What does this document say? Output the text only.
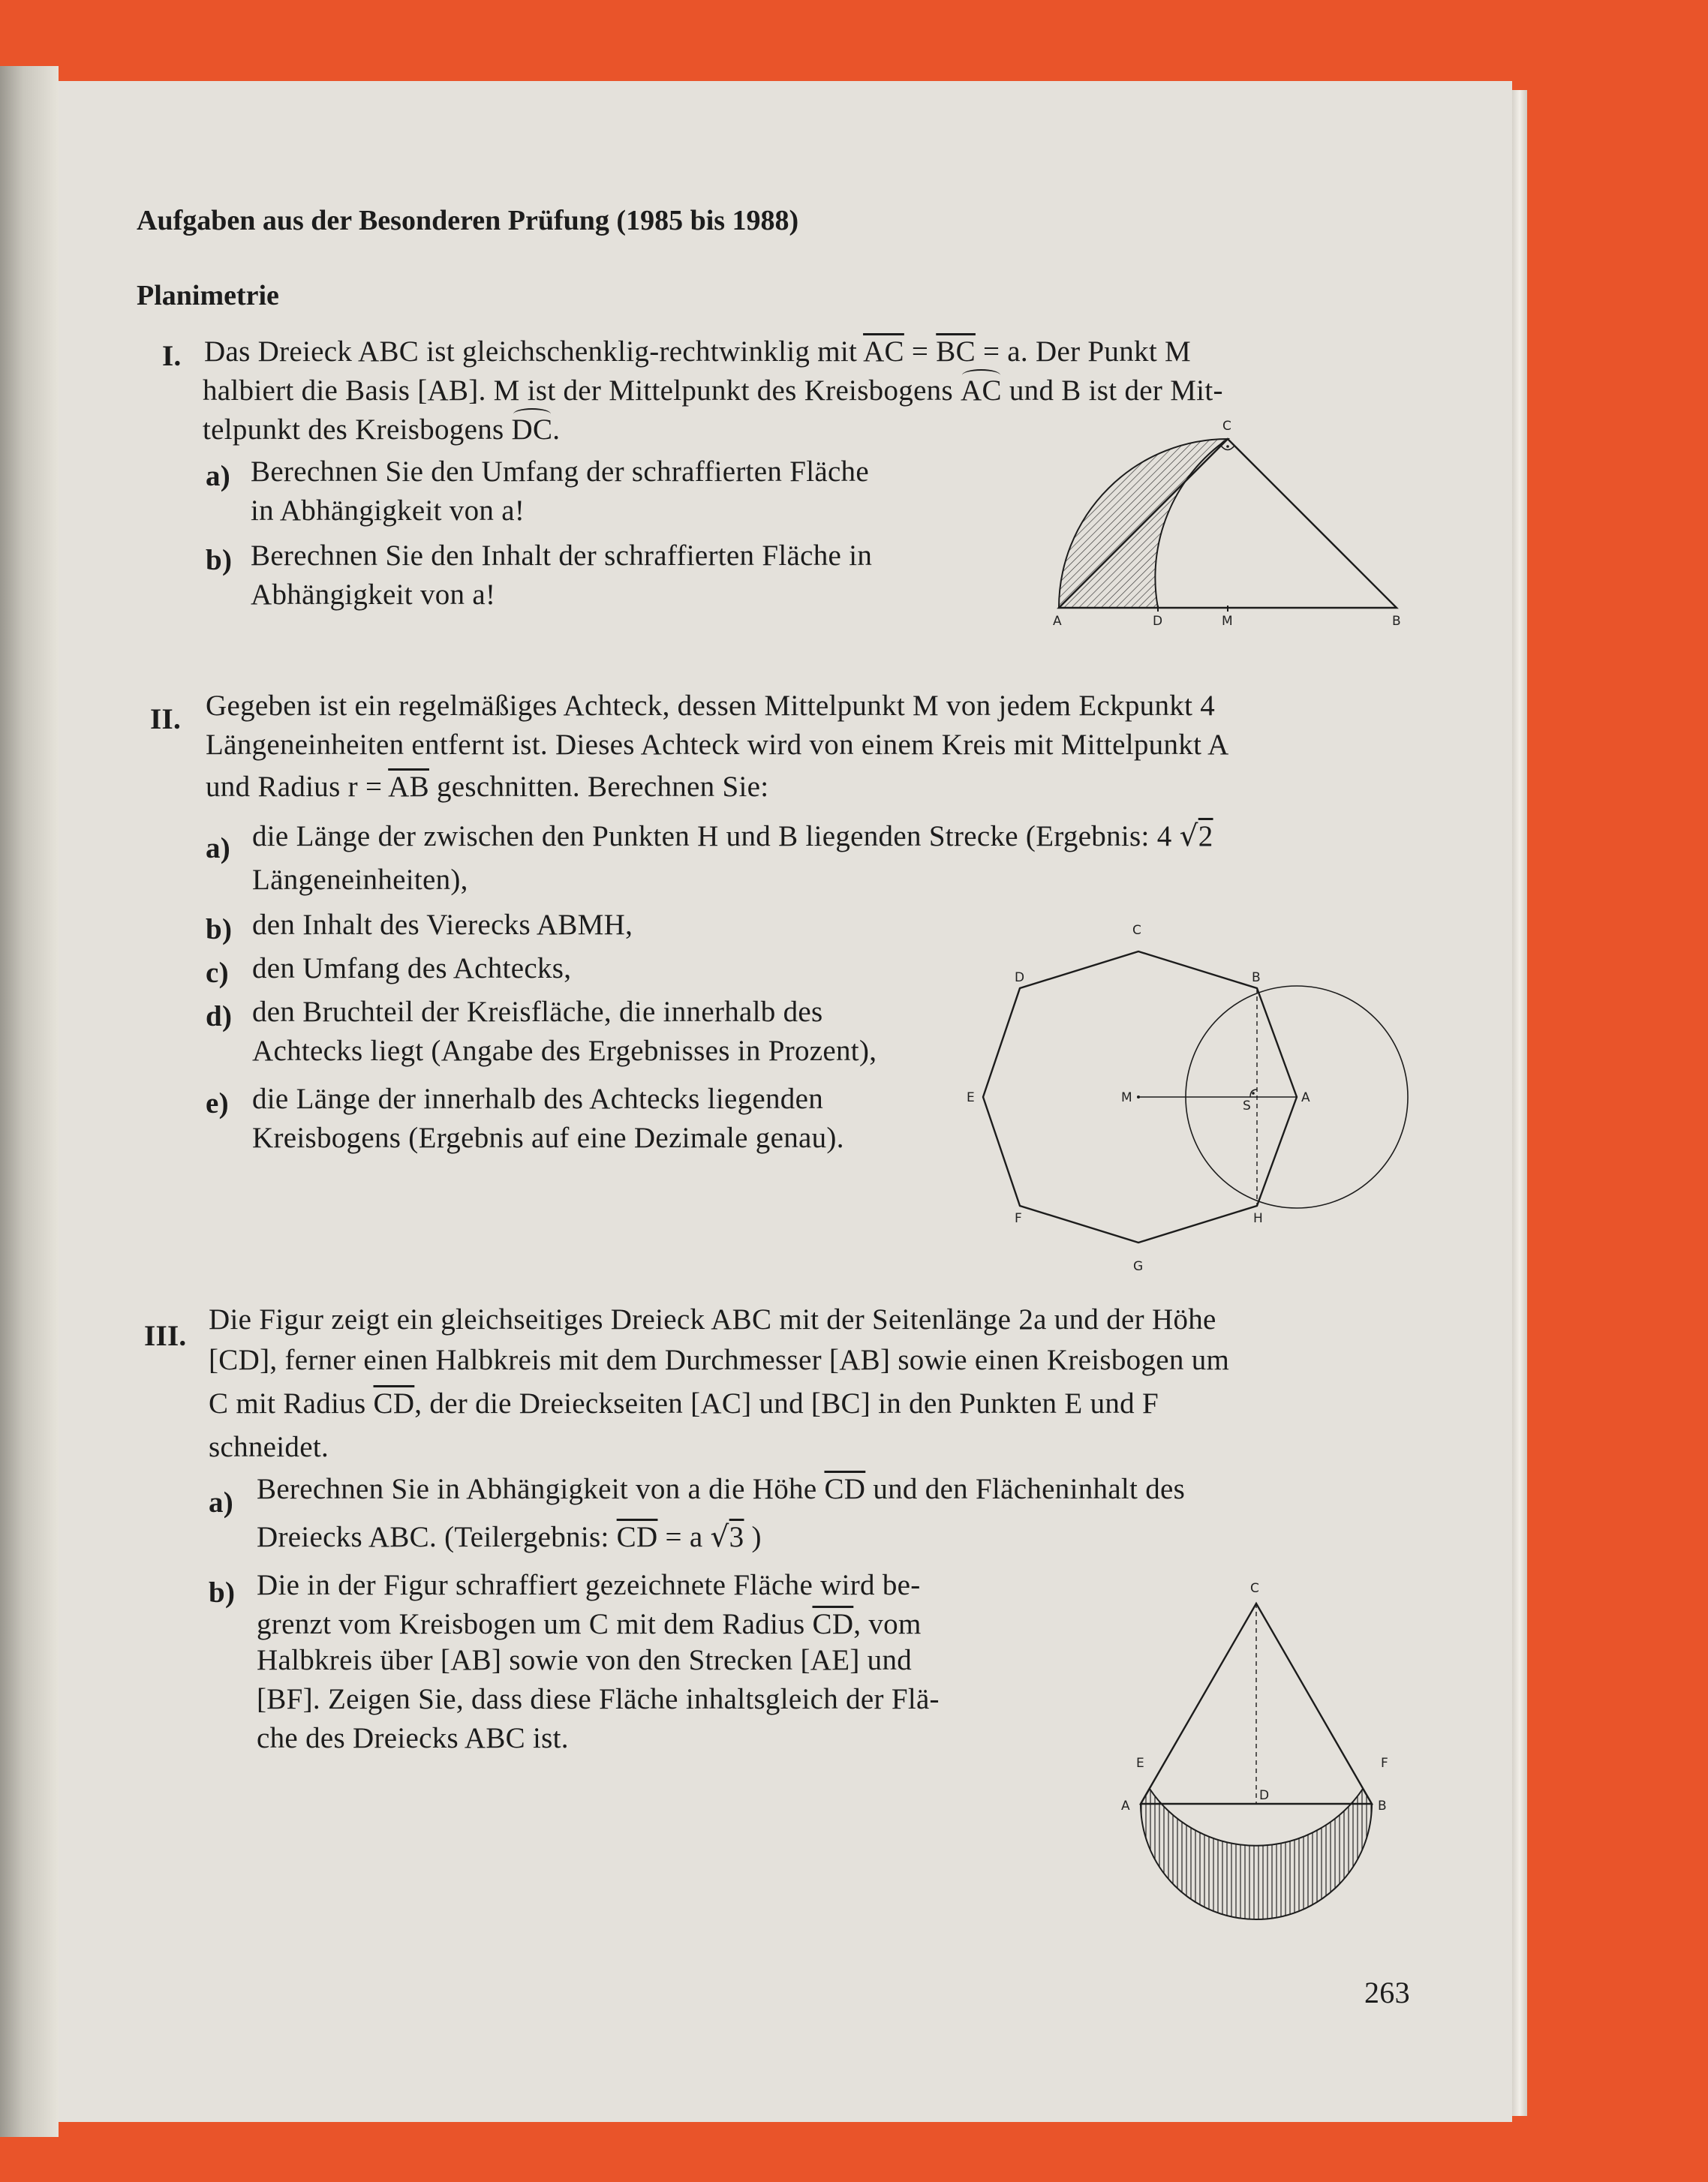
Aufgaben aus der Besonderen Prüfung (1985 bis 1988)
Planimetrie
I. Das Dreieck ABC ist gleichschenklig-rechtwinklig mit $\overline{AC} = \overline{BC} = a$. Der Punkt M
halbiert die Basis [AB]. M ist der Mittelpunkt des Kreisbogens AC und B ist der Mit-
telpunkt des Kreisbogens DC.
a) Berechnen Sie den Umfang der schraffierten Fläche
in Abhängigkeit von a!
b) Berechnen Sie den Inhalt der schraffierten Fläche in
Abhängigkeit von a!
C
A	D	M	B
II. Gegeben ist ein regelmäßiges Achteck, dessen Mittelpunkt M von jedem Eckpunkt 4
Längeneinheiten entfernt ist. Dieses Achteck wird von einem Kreis mit Mittelpunkt A
und Radius $r = \overline{AB}$ geschnitten. Berechnen Sie:
a) die Länge der zwischen den Punkten H und B liegenden Strecke (Ergebnis: 4 √2
Längeneinheiten),
b) den Inhalt des Vierecks ABMH,
c) den Umfang des Achtecks,
d) den Bruchteil der Kreisfläche, die innerhalb des
Achtecks liegt (Angabe des Ergebnisses in Prozent),
e) die Länge der innerhalb des Achtecks liegenden
Kreisbogens (Ergebnis auf eine Dezimale genau).
C
D	B
E	M
S
A
F	H
G
III.
Die Figur zeigt ein gleichseitiges Dreieck ABC mit der Seitenlänge 2a und der Höhe
[CD], ferner einen Halbkreis mit dem Durchmesser [AB] sowie einen Kreisbogen um
C mit Radius $\overline{CD}$, der die Dreieckseiten [AC] und [BC] in den Punkten E und F
schneidet.
a) Berechnen Sie in Abhängigkeit von a die Höhe $\overline{CD}$ und den Flächeninhalt des
Dreiecks ABC. (Teilergebnis: $\overline{CD} = a$ √3 )
b) Die in der Figur schraffiert gezeichnete Fläche wird be-
grenzt vom Kreisbogen um C mit dem Radius $\overline{CD}$, vom
Halbkreis über [AB] sowie von den Strecken [AE] und
[BF]. Zeigen Sie, dass diese Fläche inhaltsgleich der Flä-
che des Dreiecks ABC ist.
C
E	F
A
D
B
263
